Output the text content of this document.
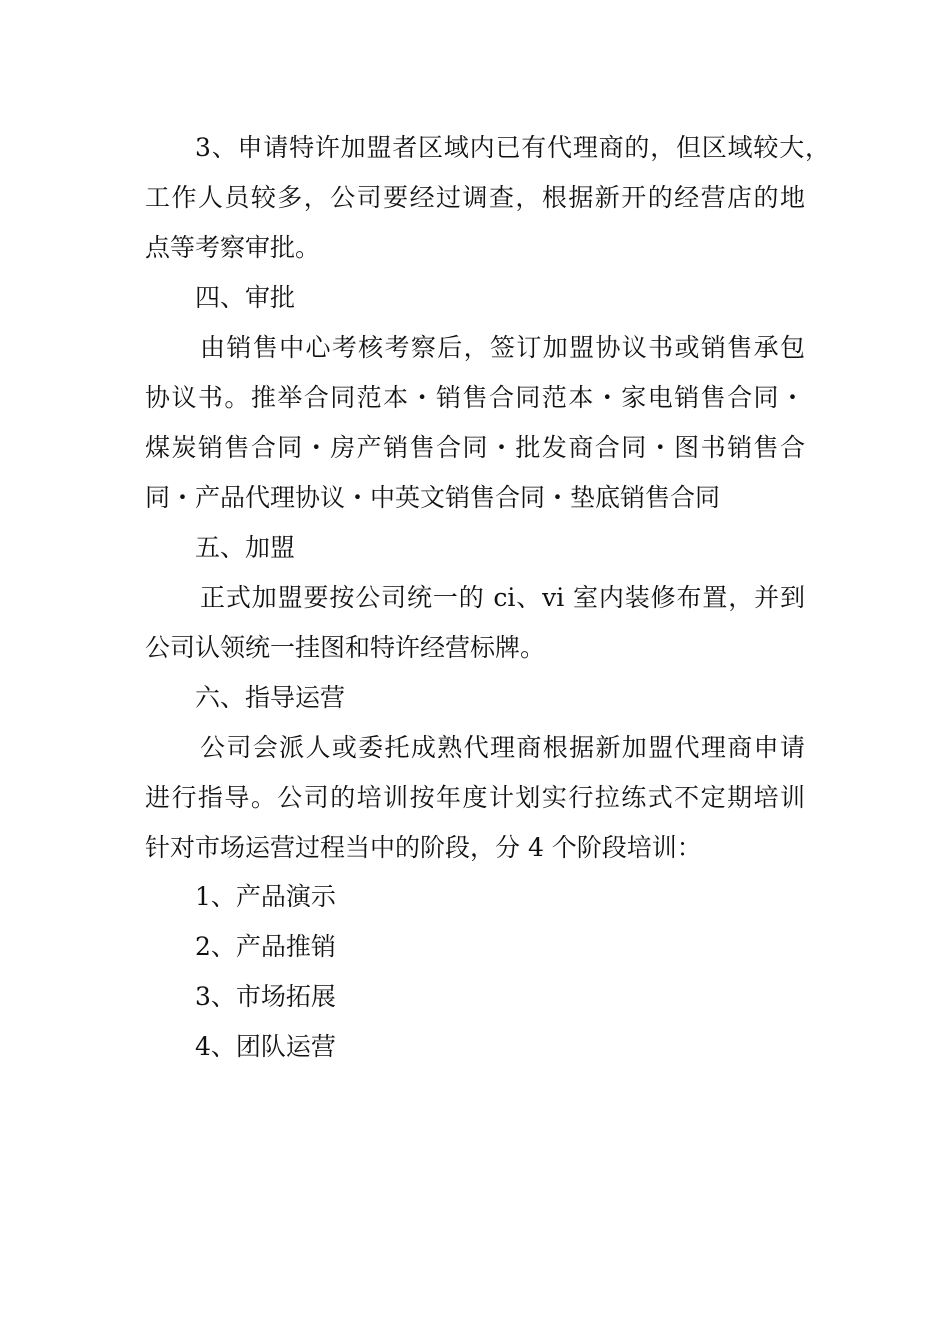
3、申请特许加盟者区域内已有代理商的，但区域较大，
工作人员较多，公司要经过调查，根据新开的经营店的地
点等考察审批。
四、审批
由销售中心考核考察后，签订加盟协议书或销售承包
协议书。推举合同范本・销售合同范本・家电销售合同・
煤炭销售合同・房产销售合同・批发商合同・图书销售合
同・产品代理协议・中英文销售合同・垫底销售合同
五、加盟
正式加盟要按公司统一的 ci、vi 室内装修布置，并到
公司认领统一挂图和特许经营标牌。
六、指导运营
公司会派人或委托成熟代理商根据新加盟代理商申请
进行指导。公司的培训按年度计划实行拉练式不定期培训
针对市场运营过程当中的阶段，分 4 个阶段培训：
1、产品演示
2、产品推销
3、市场拓展
4、团队运营
